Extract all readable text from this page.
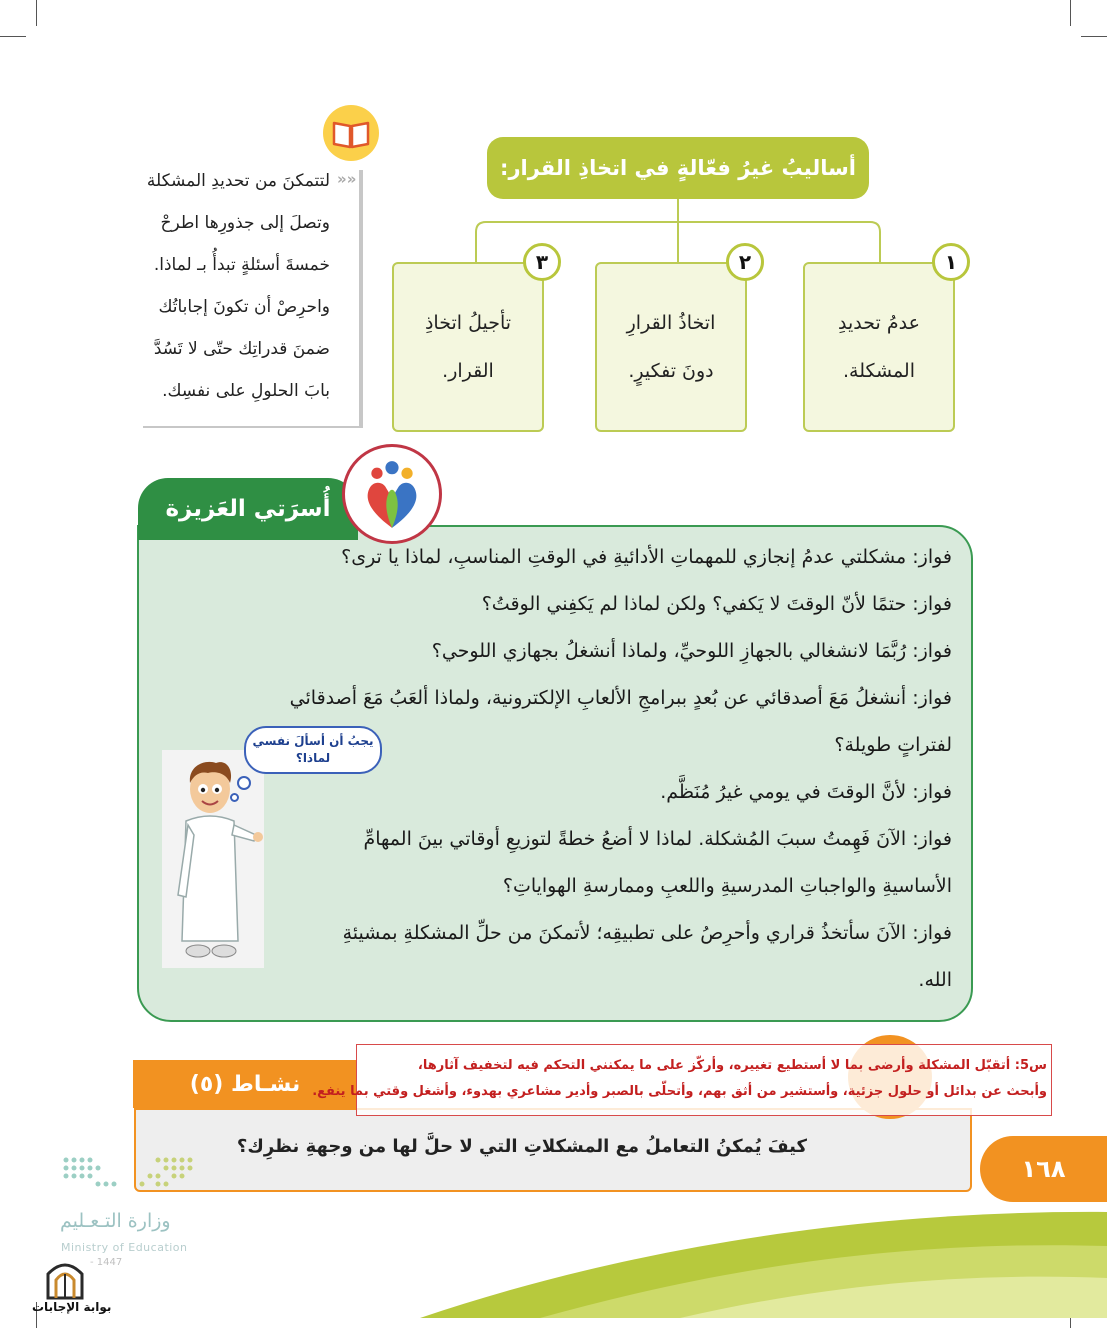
أساليبُ غيرُ فعّالةٍ في اتخاذِ القرار:
عدمُ تحديدِ
المشكلة.
اتخاذُ القرارِ
دونَ تفكيرٍ.
تأجيلُ اتخاذِ
القرار.
١
٢
٣
»»
لتتمكنَ من تحديدِ المشكلة
وتصلَ إلى جذورِها اطرحْ
خمسةَ أسئلةٍ تبدأُ بـ لماذا.
واحرِصْ أن تكونَ إجاباتُك
ضمنَ قدراتِك حتّى لا تَسُدَّ
بابَ الحلولِ على نفسِك.
أُسرَتي العَزيزة
فواز: مشكلتي عدمُ إنجازي للمهماتِ الأدائيةِ في الوقتِ المناسبِ، لماذا يا ترى؟
فواز: حتمًا لأنّ الوقتَ لا يَكفي؟ ولكن لماذا لم يَكفِني الوقتُ؟
فواز: رُبَّمَا لانشغالي بالجهازِ اللوحيِّ، ولماذا أنشغلُ بجهازي اللوحي؟
فواز: أنشغلُ مَعَ أصدقائي عن بُعدٍ ببرامجِ الألعابِ الإلكترونية، ولماذا ألعَبُ مَعَ أصدقائي
لفتراتٍ طويلة؟
فواز: لأنَّ الوقتَ في يومي غيرُ مُنَظَّم.
فواز: الآنَ فَهِمتُ سببَ المُشكلة. لماذا لا أضعُ خطةً لتوزيعِ أوقاتي بينَ المهامِّ
الأساسيةِ والواجباتِ المدرسيةِ واللعبِ وممارسةِ الهواياتِ؟
فواز: الآنَ سأتخذُ قراري وأحرِصُ على تطبيقِه؛ لأتمكنَ من حلِّ المشكلةِ بمشيئةِ
الله.
يجبُ أن أسألَ نفسي
لماذا؟
نشـاط (٥)
كيفَ يُمكنُ التعاملُ مع المشكلاتِ التي لا حلَّ لها من وجهةِ نظرِك؟
س5: أتقبّل المشكلة وأرضى بما لا أستطيع تغييره، وأركّز على ما يمكنني التحكم فيه لتخفيف آثارها،
وأبحث عن بدائل أو حلول جزئية، وأستشير من أثق بهم، وأتحلّى بالصبر وأدير مشاعري بهدوء، وأشغل وقتي بما ينفع.
١٦٨
وزارة التـعـليم
Ministry of Education
- 1447
بوابة الإجابات
